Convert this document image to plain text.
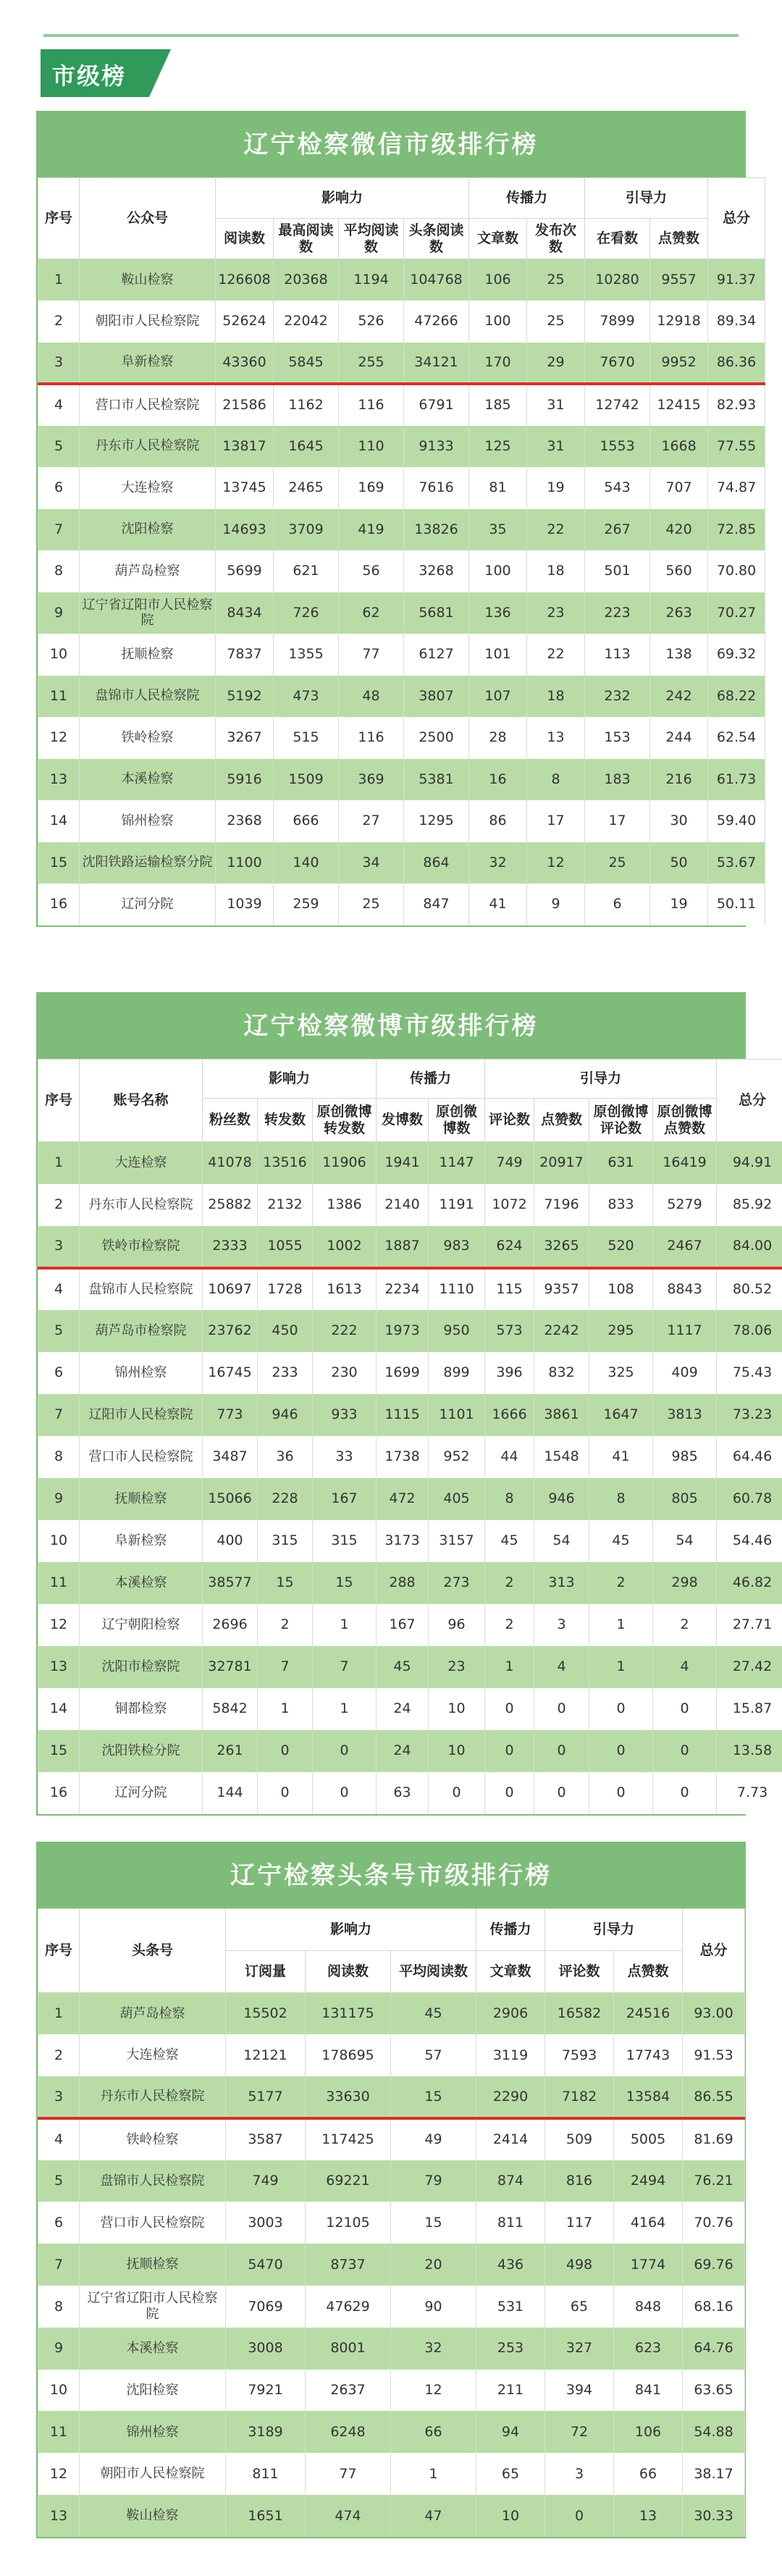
市级榜
辽宁检察微信市级排行榜
序号	公众号	影响力				传播力		引导力		总分
		阅读数	最高阅读数	平均阅读数	头条阅读数	文章数	发布次数	在看数	点赞数	
1	鞍山检察	126608	20368	1194	104768	106	25	10280	9557	91.37
2	朝阳市人民检察院	52624	22042	526	47266	100	25	7899	12918	89.34
3	阜新检察	43360	5845	255	34121	170	29	7670	9952	86.36
4	营口市人民检察院	21586	1162	116	6791	185	31	12742	12415	82.93
5	丹东市人民检察院	13817	1645	110	9133	125	31	1553	1668	77.55
6	大连检察	13745	2465	169	7616	81	19	543	707	74.87
7	沈阳检察	14693	3709	419	13826	35	22	267	420	72.85
8	葫芦岛检察	5699	621	56	3268	100	18	501	560	70.80
9	辽宁省辽阳市人民检察院	8434	726	62	5681	136	23	223	263	70.27
10	抚顺检察	7837	1355	77	6127	101	22	113	138	69.32
11	盘锦市人民检察院	5192	473	48	3807	107	18	232	242	68.22
12	铁岭检察	3267	515	116	2500	28	13	153	244	62.54
13	本溪检察	5916	1509	369	5381	16	8	183	216	61.73
14	锦州检察	2368	666	27	1295	86	17	17	30	59.40
15	沈阳铁路运输检察分院	1100	140	34	864	32	12	25	50	53.67
16	辽河分院	1039	259	25	847	41	9	6	19	50.11
辽宁检察微博市级排行榜
序号	账号名称	影响力			传播力		引导力				总分
		粉丝数	转发数	原创微博转发数	发博数	原创微博数	评论数	点赞数	原创微博评论数	原创微博点赞数	
1	大连检察	41078	13516	11906	1941	1147	749	20917	631	16419	94.91
2	丹东市人民检察院	25882	2132	1386	2140	1191	1072	7196	833	5279	85.92
3	铁岭市检察院	2333	1055	1002	1887	983	624	3265	520	2467	84.00
4	盘锦市人民检察院	10697	1728	1613	2234	1110	115	9357	108	8843	80.52
5	葫芦岛市检察院	23762	450	222	1973	950	573	2242	295	1117	78.06
6	锦州检察	16745	233	230	1699	899	396	832	325	409	75.43
7	辽阳市人民检察院	773	946	933	1115	1101	1666	3861	1647	3813	73.23
8	营口市人民检察院	3487	36	33	1738	952	44	1548	41	985	64.46
9	抚顺检察	15066	228	167	472	405	8	946	8	805	60.78
10	阜新检察	400	315	315	3173	3157	45	54	45	54	54.46
11	本溪检察	38577	15	15	288	273	2	313	2	298	46.82
12	辽宁朝阳检察	2696	2	1	167	96	2	3	1	2	27.71
13	沈阳市检察院	32781	7	7	45	23	1	4	1	4	27.42
14	铜都检察	5842	1	1	24	10	0	0	0	0	15.87
15	沈阳铁检分院	261	0	0	24	10	0	0	0	0	13.58
16	辽河分院	144	0	0	63	0	0	0	0	0	7.73
辽宁检察头条号市级排行榜
序号	头条号	影响力			传播力	引导力		总分
		订阅量	阅读数	平均阅读数	文章数	评论数	点赞数	
1	葫芦岛检察	15502	131175	45	2906	16582	24516	93.00
2	大连检察	12121	178695	57	3119	7593	17743	91.53
3	丹东市人民检察院	5177	33630	15	2290	7182	13584	86.55
4	铁岭检察	3587	117425	49	2414	509	5005	81.69
5	盘锦市人民检察院	749	69221	79	874	816	2494	76.21
6	营口市人民检察院	3003	12105	15	811	117	4164	70.76
7	抚顺检察	5470	8737	20	436	498	1774	69.76
8	辽宁省辽阳市人民检察院	7069	47629	90	531	65	848	68.16
9	本溪检察	3008	8001	32	253	327	623	64.76
10	沈阳检察	7921	2637	12	211	394	841	63.65
11	锦州检察	3189	6248	66	94	72	106	54.88
12	朝阳市人民检察院	811	77	1	65	3	66	38.17
13	鞍山检察	1651	474	47	10	0	13	30.33
